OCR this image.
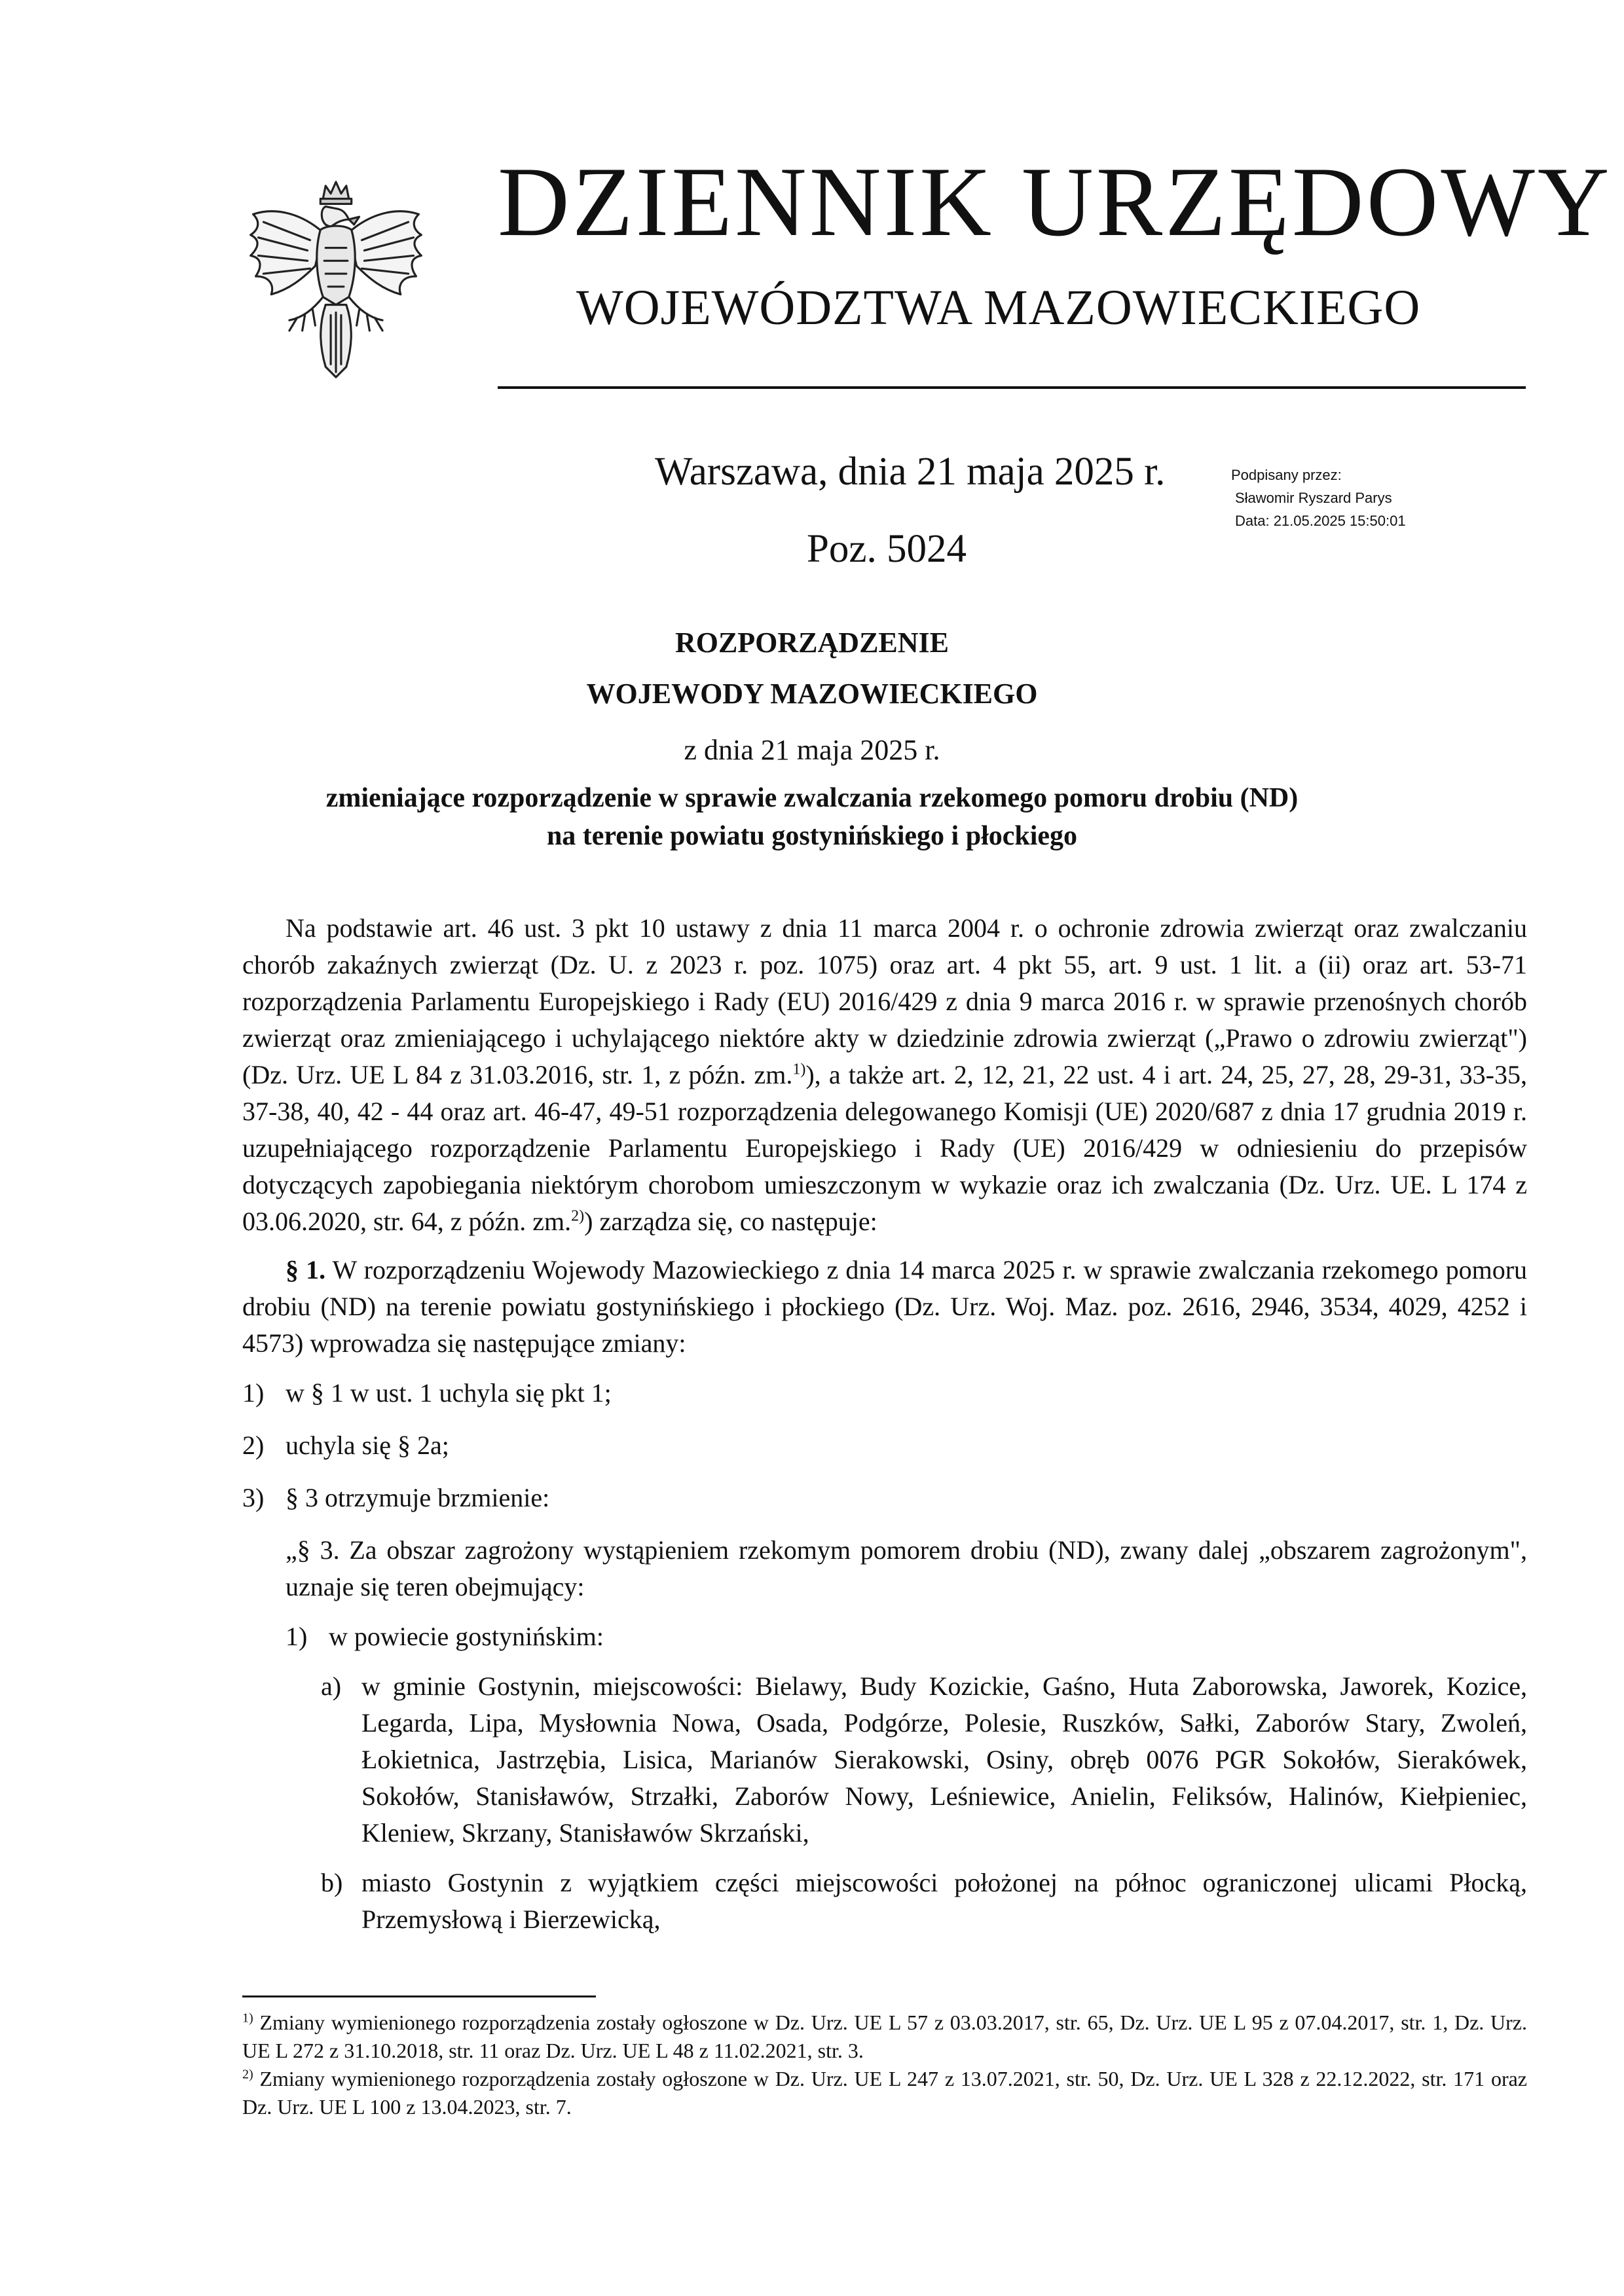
DZIENNIK URZĘDOWY
WOJEWÓDZTWA MAZOWIECKIEGO
Warszawa, dnia 21 maja 2025 r.
Poz. 5024
Podpisany przez:
Sławomir Ryszard Parys
Data: 21.05.2025 15:50:01
ROZPORZĄDZENIE
WOJEWODY MAZOWIECKIEGO
z dnia 21 maja 2025 r.
zmieniające rozporządzenie w sprawie zwalczania rzekomego pomoru drobiu (ND)
na terenie powiatu gostynińskiego i płockiego

Na podstawie art. 46 ust. 3 pkt 10 ustawy z dnia 11 marca 2004 r. o ochronie zdrowia zwierząt oraz zwalczaniu chorób zakaźnych zwierząt (Dz. U. z 2023 r. poz. 1075) oraz art. 4 pkt 55, art. 9 ust. 1 lit. a (ii) oraz art. 53-71 rozporządzenia Parlamentu Europejskiego i Rady (EU) 2016/429 z dnia 9 marca 2016 r. w sprawie przenośnych chorób zwierząt oraz zmieniającego i uchylającego niektóre akty w dziedzinie zdrowia zwierząt („Prawo o zdrowiu zwierząt") (Dz. Urz. UE L 84 z 31.03.2016, str. 1, z późn. zm.$^{1)}$), a także art. 2, 12, 21, 22 ust. 4 i art. 24, 25, 27, 28, 29-31, 33-35, 37-38, 40, 42 - 44 oraz art. 46-47, 49-51 rozporządzenia delegowanego Komisji (UE) 2020/687 z dnia 17 grudnia 2019 r. uzupełniającego rozporządzenie Parlamentu Europejskiego i Rady (UE) 2016/429 w odniesieniu do przepisów dotyczących zapobiegania niektórym chorobom umieszczonym w wykazie oraz ich zwalczania (Dz. Urz. UE. L 174 z 03.06.2020, str. 64, z późn. zm.$^{2)}$) zarządza się, co następuje:

§ 1. W rozporządzeniu Wojewody Mazowieckiego z dnia 14 marca 2025 r. w sprawie zwalczania rzekomego pomoru drobiu (ND) na terenie powiatu gostynińskiego i płockiego (Dz. Urz. Woj. Maz. poz. 2616, 2946, 3534, 4029, 4252 i 4573) wprowadza się następujące zmiany:

1) w § 1 w ust. 1 uchyla się pkt 1;

2) uchyla się § 2a;

3) § 3 otrzymuje brzmienie:

„§ 3. Za obszar zagrożony wystąpieniem rzekomym pomorem drobiu (ND), zwany dalej „obszarem zagrożonym", uznaje się teren obejmujący:

1) w powiecie gostynińskim:

a) w gminie Gostynin, miejscowości: Bielawy, Budy Kozickie, Gaśno, Huta Zaborowska, Jaworek, Kozice, Legarda, Lipa, Mysłownia Nowa, Osada, Podgórze, Polesie, Ruszków, Sałki, Zaborów Stary, Zwoleń, Łokietnica, Jastrzębia, Lisica, Marianów Sierakowski, Osiny, obręb 0076 PGR Sokołów, Sierakówek, Sokołów, Stanisławów, Strzałki, Zaborów Nowy, Leśniewice, Anielin, Feliksów, Halinów, Kiełpieniec, Kleniew, Skrzany, Stanisławów Skrzański,

b) miasto Gostynin z wyjątkiem części miejscowości położonej na północ ograniczonej ulicami Płocką, Przemysłową i Bierzewicką,

$^{1)}$ Zmiany wymienionego rozporządzenia zostały ogłoszone w Dz. Urz. UE L 57 z 03.03.2017, str. 65, Dz. Urz. UE L 95 z 07.04.2017, str. 1, Dz. Urz. UE L 272 z 31.10.2018, str. 11 oraz Dz. Urz. UE L 48 z 11.02.2021, str. 3.

$^{2)}$ Zmiany wymienionego rozporządzenia zostały ogłoszone w Dz. Urz. UE L 247 z 13.07.2021, str. 50, Dz. Urz. UE L 328 z 22.12.2022, str. 171 oraz Dz. Urz. UE L 100 z 13.04.2023, str. 7.
